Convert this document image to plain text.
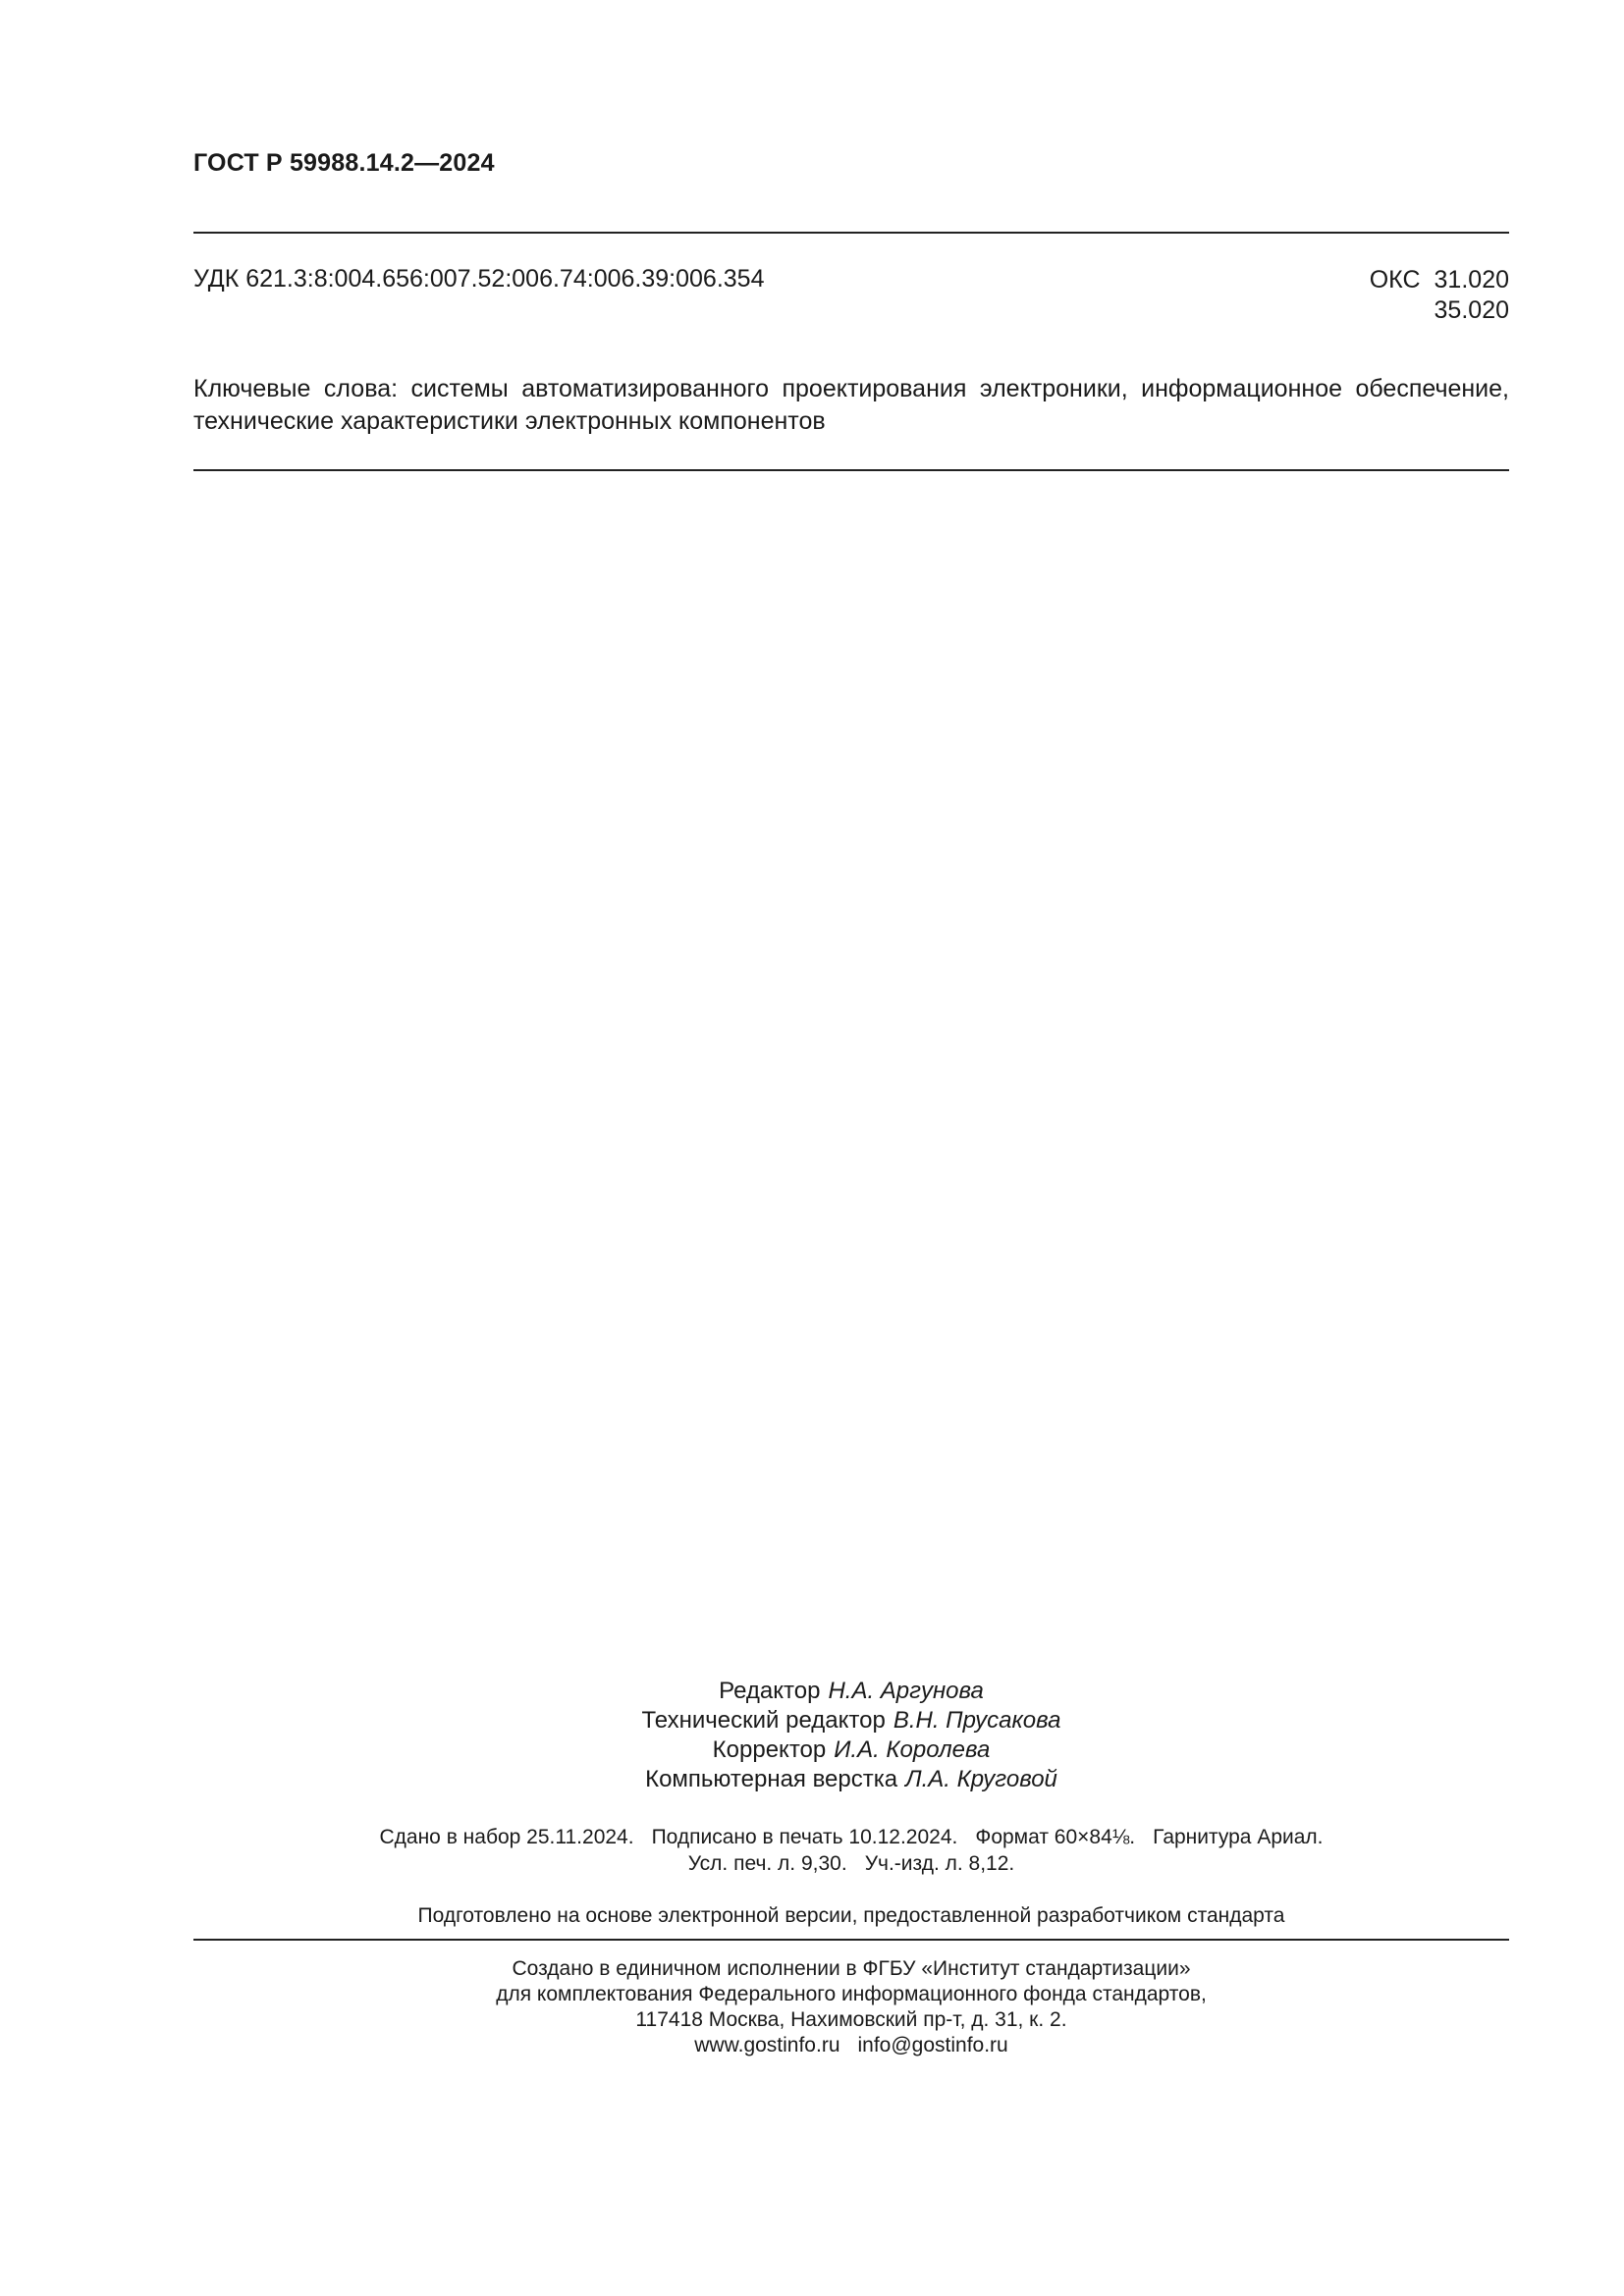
ГОСТ Р 59988.14.2—2024
УДК 621.3:8:004.656:007.52:006.74:006.39:006.354	ОКС 31.020
35.020
Ключевые слова: системы автоматизированного проектирования электроники, информационное обеспечение, технические характеристики электронных компонентов
Редактор Н.А. Аргунова
Технический редактор В.Н. Прусакова
Корректор И.А. Королева
Компьютерная верстка Л.А. Круговой
Сдано в набор 25.11.2024. Подписано в печать 10.12.2024. Формат 60×84⅛. Гарнитура Ариал.
Усл. печ. л. 9,30. Уч.-изд. л. 8,12.
Подготовлено на основе электронной версии, предоставленной разработчиком стандарта
Создано в единичном исполнении в ФГБУ «Институт стандартизации»
для комплектования Федерального информационного фонда стандартов,
117418 Москва, Нахимовский пр-т, д. 31, к. 2.
www.gostinfo.ru info@gostinfo.ru
